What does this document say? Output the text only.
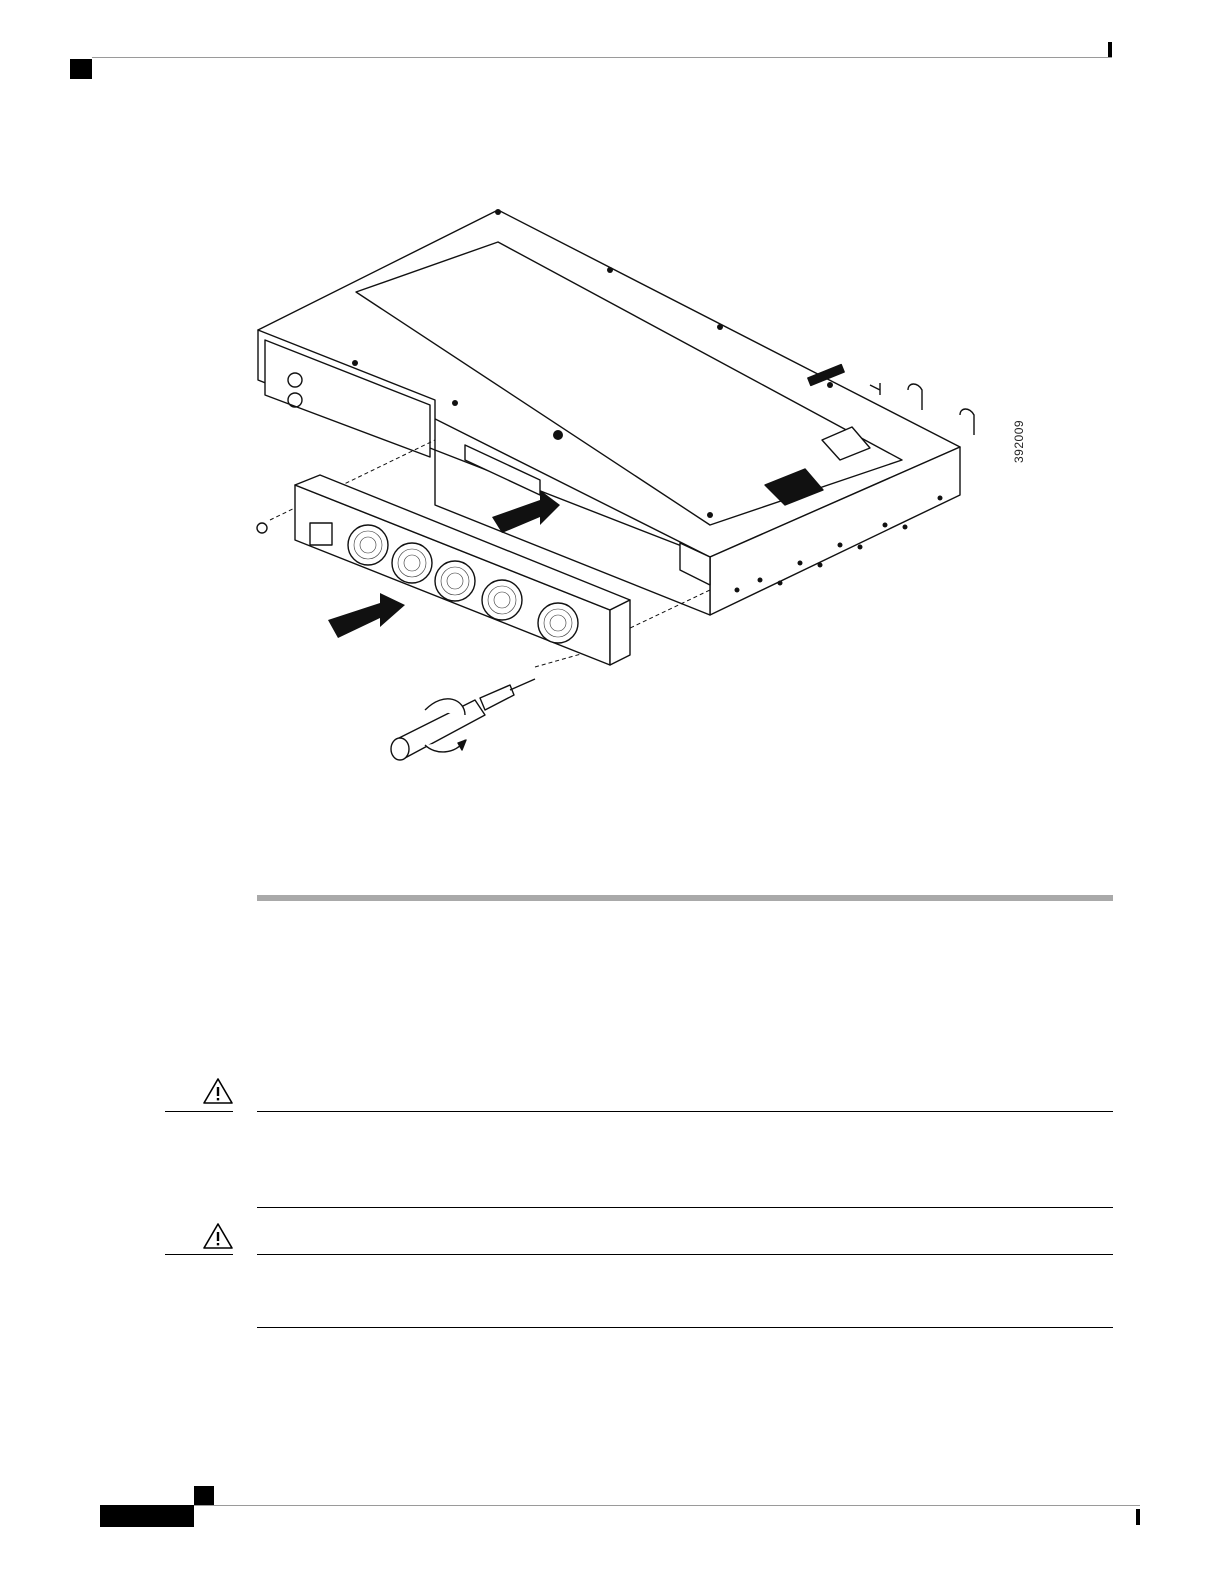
392009
